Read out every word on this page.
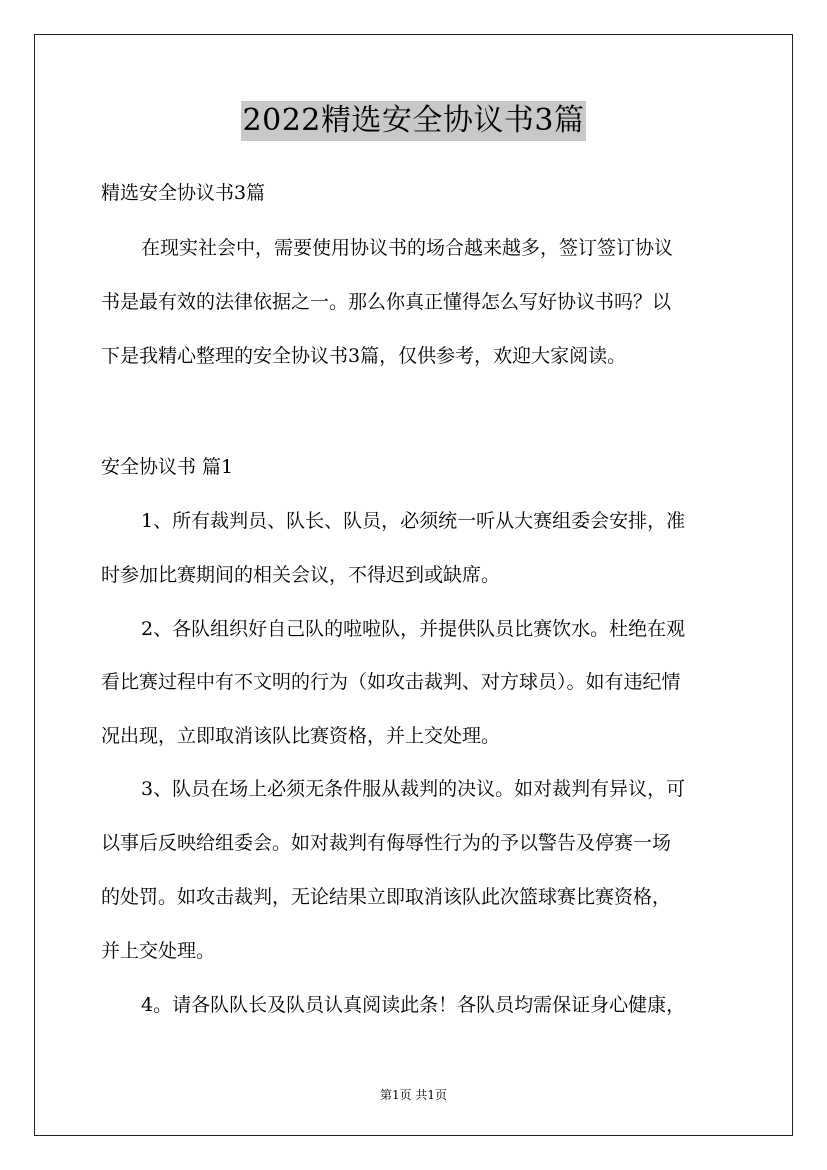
2022精选安全协议书3篇
精选安全协议书3篇
在现实社会中，需要使用协议书的场合越来越多，签订签订协议
书是最有效的法律依据之一。那么你真正懂得怎么写好协议书吗？以
下是我精心整理的安全协议书3篇，仅供参考，欢迎大家阅读。
安全协议书 篇1
1、所有裁判员、队长、队员，必须统一听从大赛组委会安排，准
时参加比赛期间的相关会议，不得迟到或缺席。
2、各队组织好自己队的啦啦队，并提供队员比赛饮水。杜绝在观
看比赛过程中有不文明的行为（如攻击裁判、对方球员）。如有违纪情
况出现，立即取消该队比赛资格，并上交处理。
3、队员在场上必须无条件服从裁判的决议。如对裁判有异议，可
以事后反映给组委会。如对裁判有侮辱性行为的予以警告及停赛一场
的处罚。如攻击裁判，无论结果立即取消该队此次篮球赛比赛资格，
并上交处理。
4。请各队队长及队员认真阅读此条！各队员均需保证身心健康，
第1页 共1页
